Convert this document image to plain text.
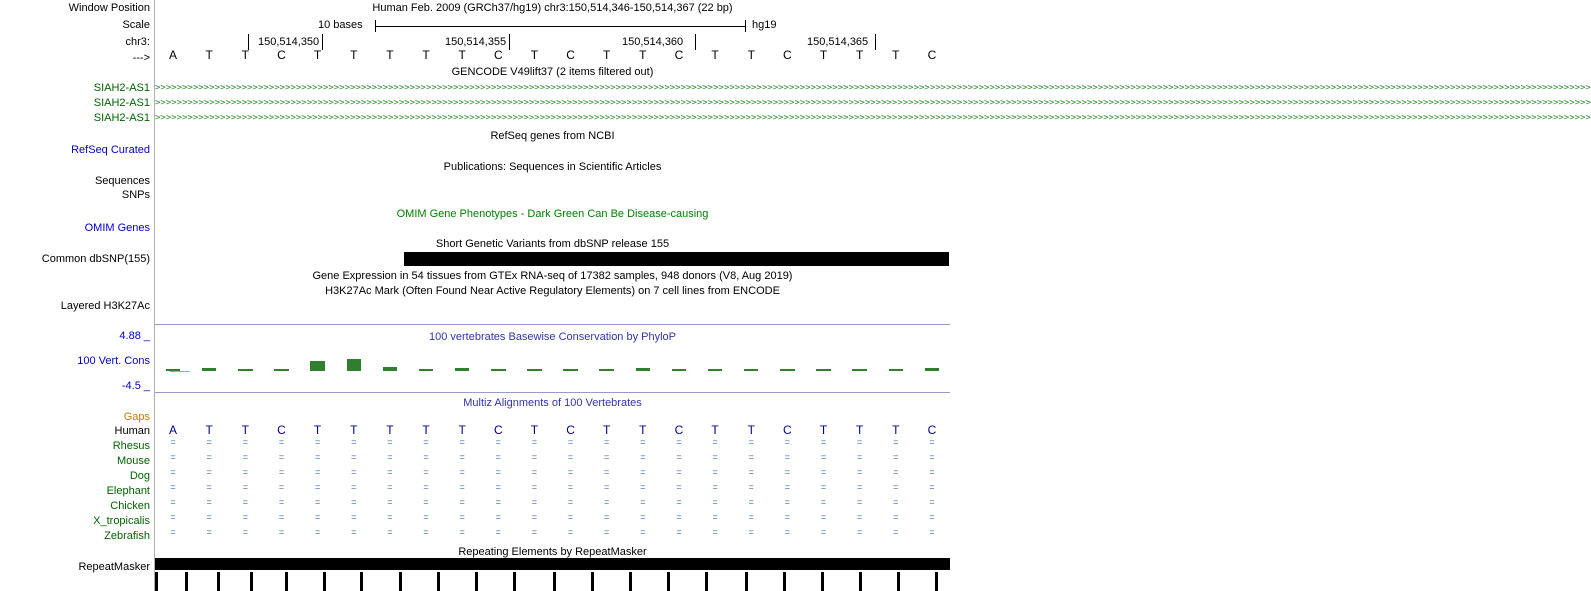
Window Position
Scale
chr3:
--->
Human Feb. 2009 (GRCh37/hg19) chr3:150,514,346-150,514,367 (22 bp)
10 bases	hg19
150,514,350	150,514,355	150,514,360	150,514,365
A	T	T	C	T	T	T	T	T	C	T	C	T	T	C	T	T	C	T	T	T	C
GENCODE V49lift37 (2 items filtered out)
SIAH2-AS1
SIAH2-AS1
SIAH2-AS1
>>>>>>>>>>>>>>>>>>>>>>>>>>>>>>>>>>>>>>>>>>>>>>>>>>>>>>>>>>>>>>>>>>>>>>>>>>>>>>>>>>>>>>>>>>>>>>>>>>>>>>>>>>>>>>>>>>>>>>>>>>>>>>>>>>>>>>>>>>>>>>>>>>>>>>>>>>>>>>>>>>>>>>>>>>>>>>>>>>>>>>>>>>>>>>>>>>>>>>>>>>>>>>>>>>>>>>>>>>>>>>>>>>>>>>>>>>>>>>>>>>>>>>>>>>>>>>>>>>>>>>>>>
>>>>>>>>>>>>>>>>>>>>>>>>>>>>>>>>>>>>>>>>>>>>>>>>>>>>>>>>>>>>>>>>>>>>>>>>>>>>>>>>>>>>>>>>>>>>>>>>>>>>>>>>>>>>>>>>>>>>>>>>>>>>>>>>>>>>>>>>>>>>>>>>>>>>>>>>>>>>>>>>>>>>>>>>>>>>>>>>>>>>>>>>>>>>>>>>>>>>>>>>>>>>>>>>>>>>>>>>>>>>>>>>>>>>>>>>>>>>>>>>>>>>>>>>>>>>>>>>>>>>>>>>>
>>>>>>>>>>>>>>>>>>>>>>>>>>>>>>>>>>>>>>>>>>>>>>>>>>>>>>>>>>>>>>>>>>>>>>>>>>>>>>>>>>>>>>>>>>>>>>>>>>>>>>>>>>>>>>>>>>>>>>>>>>>>>>>>>>>>>>>>>>>>>>>>>>>>>>>>>>>>>>>>>>>>>>>>>>>>>>>>>>>>>>>>>>>>>>>>>>>>>>>>>>>>>>>>>>>>>>>>>>>>>>>>>>>>>>>>>>>>>>>>>>>>>>>>>>>>>>>>>>>>>>>>>
RefSeq genes from NCBI
RefSeq Curated
Publications: Sequences in Scientific Articles
Sequences
SNPs
OMIM Gene Phenotypes - Dark Green Can Be Disease-causing
OMIM Genes
Short Genetic Variants from dbSNP release 155
Common dbSNP(155)
Gene Expression in 54 tissues from GTEx RNA-seq of 17382 samples, 948 donors (V8, Aug 2019)
H3K27Ac Mark (Often Found Near Active Regulatory Elements) on 7 cell lines from ENCODE
Layered H3K27Ac
100 vertebrates Basewise Conservation by PhyloP
4.88 _
100 Vert. Cons
-4.5 _
Multiz Alignments of 100 Vertebrates
Gaps
Human
Rhesus
Mouse
Dog
Elephant
Chicken
X_tropicalis
Zebrafish
A	T	T	C	T	T	T	T	T	C	T	C	T	T	C	T	T	C	T	T	T	C
=	=	=	=	=	=	=	=	=	=	=	=	=	=	=	=	=	=	=	=	=	=
=	=	=	=	=	=	=	=	=	=	=	=	=	=	=	=	=	=	=	=	=	=
=	=	=	=	=	=	=	=	=	=	=	=	=	=	=	=	=	=	=	=	=	=
=	=	=	=	=	=	=	=	=	=	=	=	=	=	=	=	=	=	=	=	=	=
=	=	=	=	=	=	=	=	=	=	=	=	=	=	=	=	=	=	=	=	=	=
=	=	=	=	=	=	=	=	=	=	=	=	=	=	=	=	=	=	=	=	=	=
=	=	=	=	=	=	=	=	=	=	=	=	=	=	=	=	=	=	=	=	=	=
Repeating Elements by RepeatMasker
RepeatMasker
